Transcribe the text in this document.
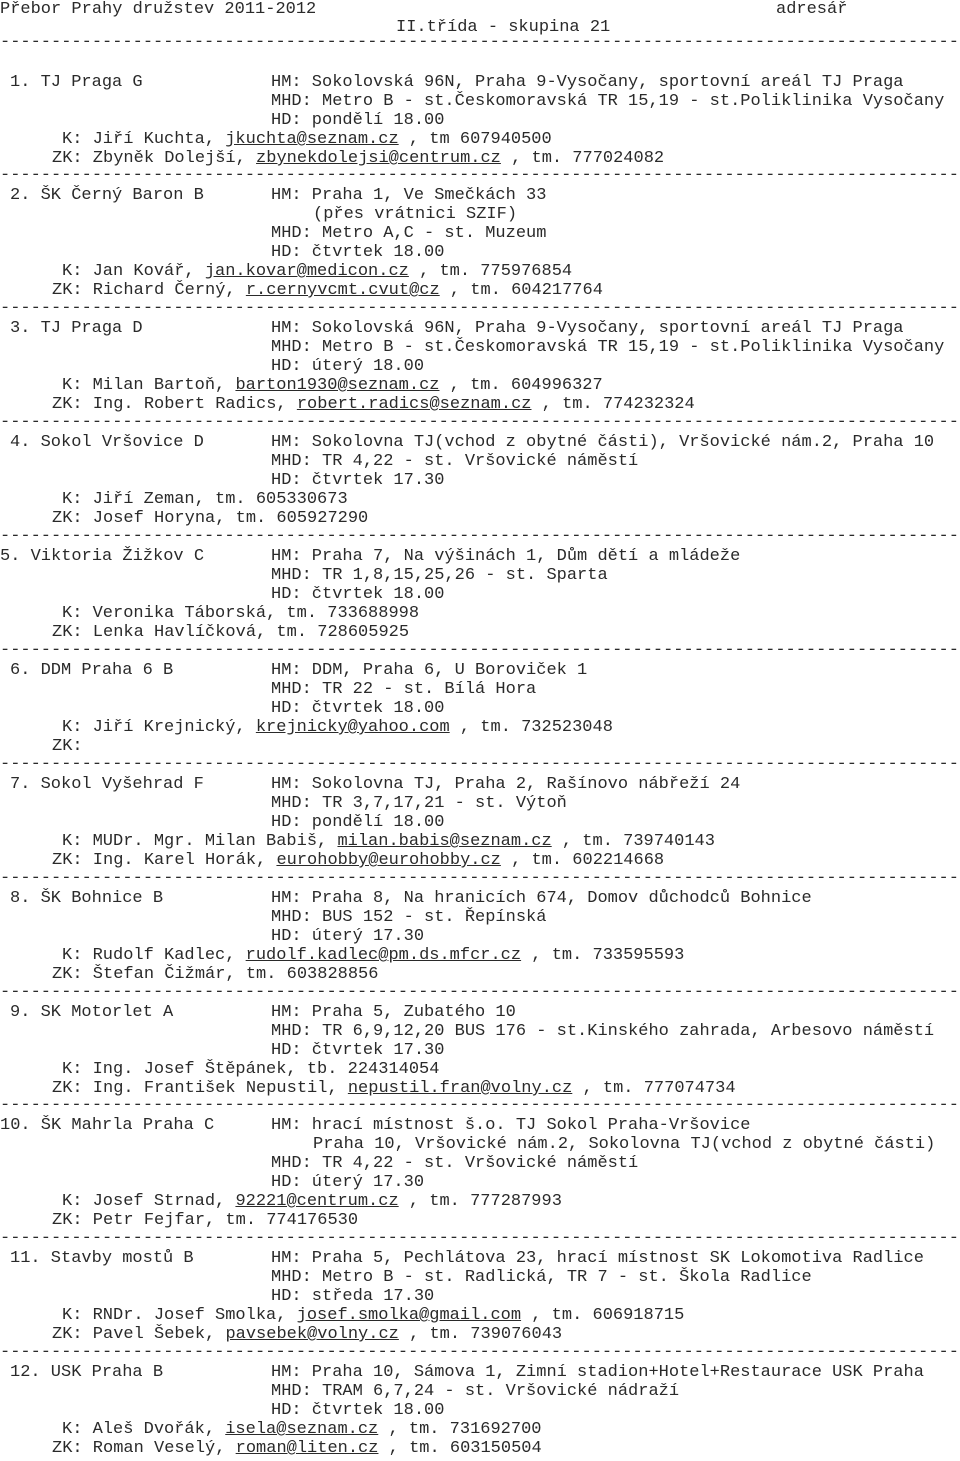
Přebor Prahy družstev 2011-2012
II.třída - skupina 21
adresář
----------------------------------------------------------------------------------------------
1. TJ Praga G	HM: Sokolovská 96N, Praha 9-Vysočany, sportovní areál TJ Praga
MHD: Metro B - st.Českomoravská TR 15,19 - st.Poliklinika Vysočany
HD: pondělí 18.00
K: Jiří Kuchta, jkuchta@seznam.cz , tm 607940500
ZK: Zbyněk Dolejší, zbynekdolejsi@centrum.cz , tm. 777024082
----------------------------------------------------------------------------------------------
2. ŠK Černý Baron B	HM: Praha 1, Ve Smečkách 33
(přes vrátnici SZIF)
MHD: Metro A,C - st. Muzeum
HD: čtvrtek 18.00
K: Jan Kovář, jan.kovar@medicon.cz , tm. 775976854
ZK: Richard Černý, r.cernyvcmt.cvut@cz , tm. 604217764
----------------------------------------------------------------------------------------------
3. TJ Praga D	HM: Sokolovská 96N, Praha 9-Vysočany, sportovní areál TJ Praga
MHD: Metro B - st.Českomoravská TR 15,19 - st.Poliklinika Vysočany
HD: úterý 18.00
K: Milan Bartoň, barton1930@seznam.cz , tm. 604996327
ZK: Ing. Robert Radics, robert.radics@seznam.cz , tm. 774232324
----------------------------------------------------------------------------------------------
4. Sokol Vršovice D	HM: Sokolovna TJ(vchod z obytné části), Vršovické nám.2, Praha 10
MHD: TR 4,22 - st. Vršovické náměstí
HD: čtvrtek 17.30
K: Jiří Zeman, tm. 605330673
ZK: Josef Horyna, tm. 605927290
----------------------------------------------------------------------------------------------
5. Viktoria Žižkov C	HM: Praha 7, Na výšinách 1, Dům dětí a mládeže
MHD: TR 1,8,15,25,26 - st. Sparta
HD: čtvrtek 18.00
K: Veronika Táborská, tm. 733688998
ZK: Lenka Havlíčková, tm. 728605925
----------------------------------------------------------------------------------------------
6. DDM Praha 6 B	HM: DDM, Praha 6, U Boroviček 1
MHD: TR 22 - st. Bílá Hora
HD: čtvrtek 18.00
K: Jiří Krejnický, krejnicky@yahoo.com , tm. 732523048
ZK:
----------------------------------------------------------------------------------------------
7. Sokol Vyšehrad F	HM: Sokolovna TJ, Praha 2, Rašínovo nábřeží 24
MHD: TR 3,7,17,21 - st. Výtoň
HD: pondělí 18.00
K: MUDr. Mgr. Milan Babiš, milan.babis@seznam.cz , tm. 739740143
ZK: Ing. Karel Horák, eurohobby@eurohobby.cz , tm. 602214668
----------------------------------------------------------------------------------------------
8. ŠK Bohnice B	HM: Praha 8, Na hranicích 674, Domov důchodců Bohnice
MHD: BUS 152 - st. Řepínská
HD: úterý 17.30
K: Rudolf Kadlec, rudolf.kadlec@pm.ds.mfcr.cz , tm. 733595593
ZK: Štefan Čižmár, tm. 603828856
----------------------------------------------------------------------------------------------
9. SK Motorlet A	HM: Praha 5, Zubatého 10
MHD: TR 6,9,12,20 BUS 176 - st.Kinského zahrada, Arbesovo náměstí
HD: čtvrtek 17.30
K: Ing. Josef Štěpánek, tb. 224314054
ZK: Ing. František Nepustil, nepustil.fran@volny.cz , tm. 777074734
----------------------------------------------------------------------------------------------
10. ŠK Mahrla Praha C	HM: hrací místnost š.o. TJ Sokol Praha-Vršovice
Praha 10, Vršovické nám.2, Sokolovna TJ(vchod z obytné části)
MHD: TR 4,22 - st. Vršovické náměstí
HD: úterý 17.30
K: Josef Strnad, 92221@centrum.cz , tm. 777287993
ZK: Petr Fejfar, tm. 774176530
----------------------------------------------------------------------------------------------
11. Stavby mostů B	HM: Praha 5, Pechlátova 23, hrací místnost SK Lokomotiva Radlice
MHD: Metro B - st. Radlická, TR 7 - st. Škola Radlice
HD: středa 17.30
K: RNDr. Josef Smolka, josef.smolka@gmail.com , tm. 606918715
ZK: Pavel Šebek, pavsebek@volny.cz , tm. 739076043
----------------------------------------------------------------------------------------------
12. USK Praha B	HM: Praha 10, Sámova 1, Zimní stadion+Hotel+Restaurace USK Praha
MHD: TRAM 6,7,24 - st. Vršovické nádraží
HD: čtvrtek 18.00
K: Aleš Dvořák, isela@seznam.cz , tm. 731692700
ZK: Roman Veselý, roman@liten.cz , tm. 603150504
